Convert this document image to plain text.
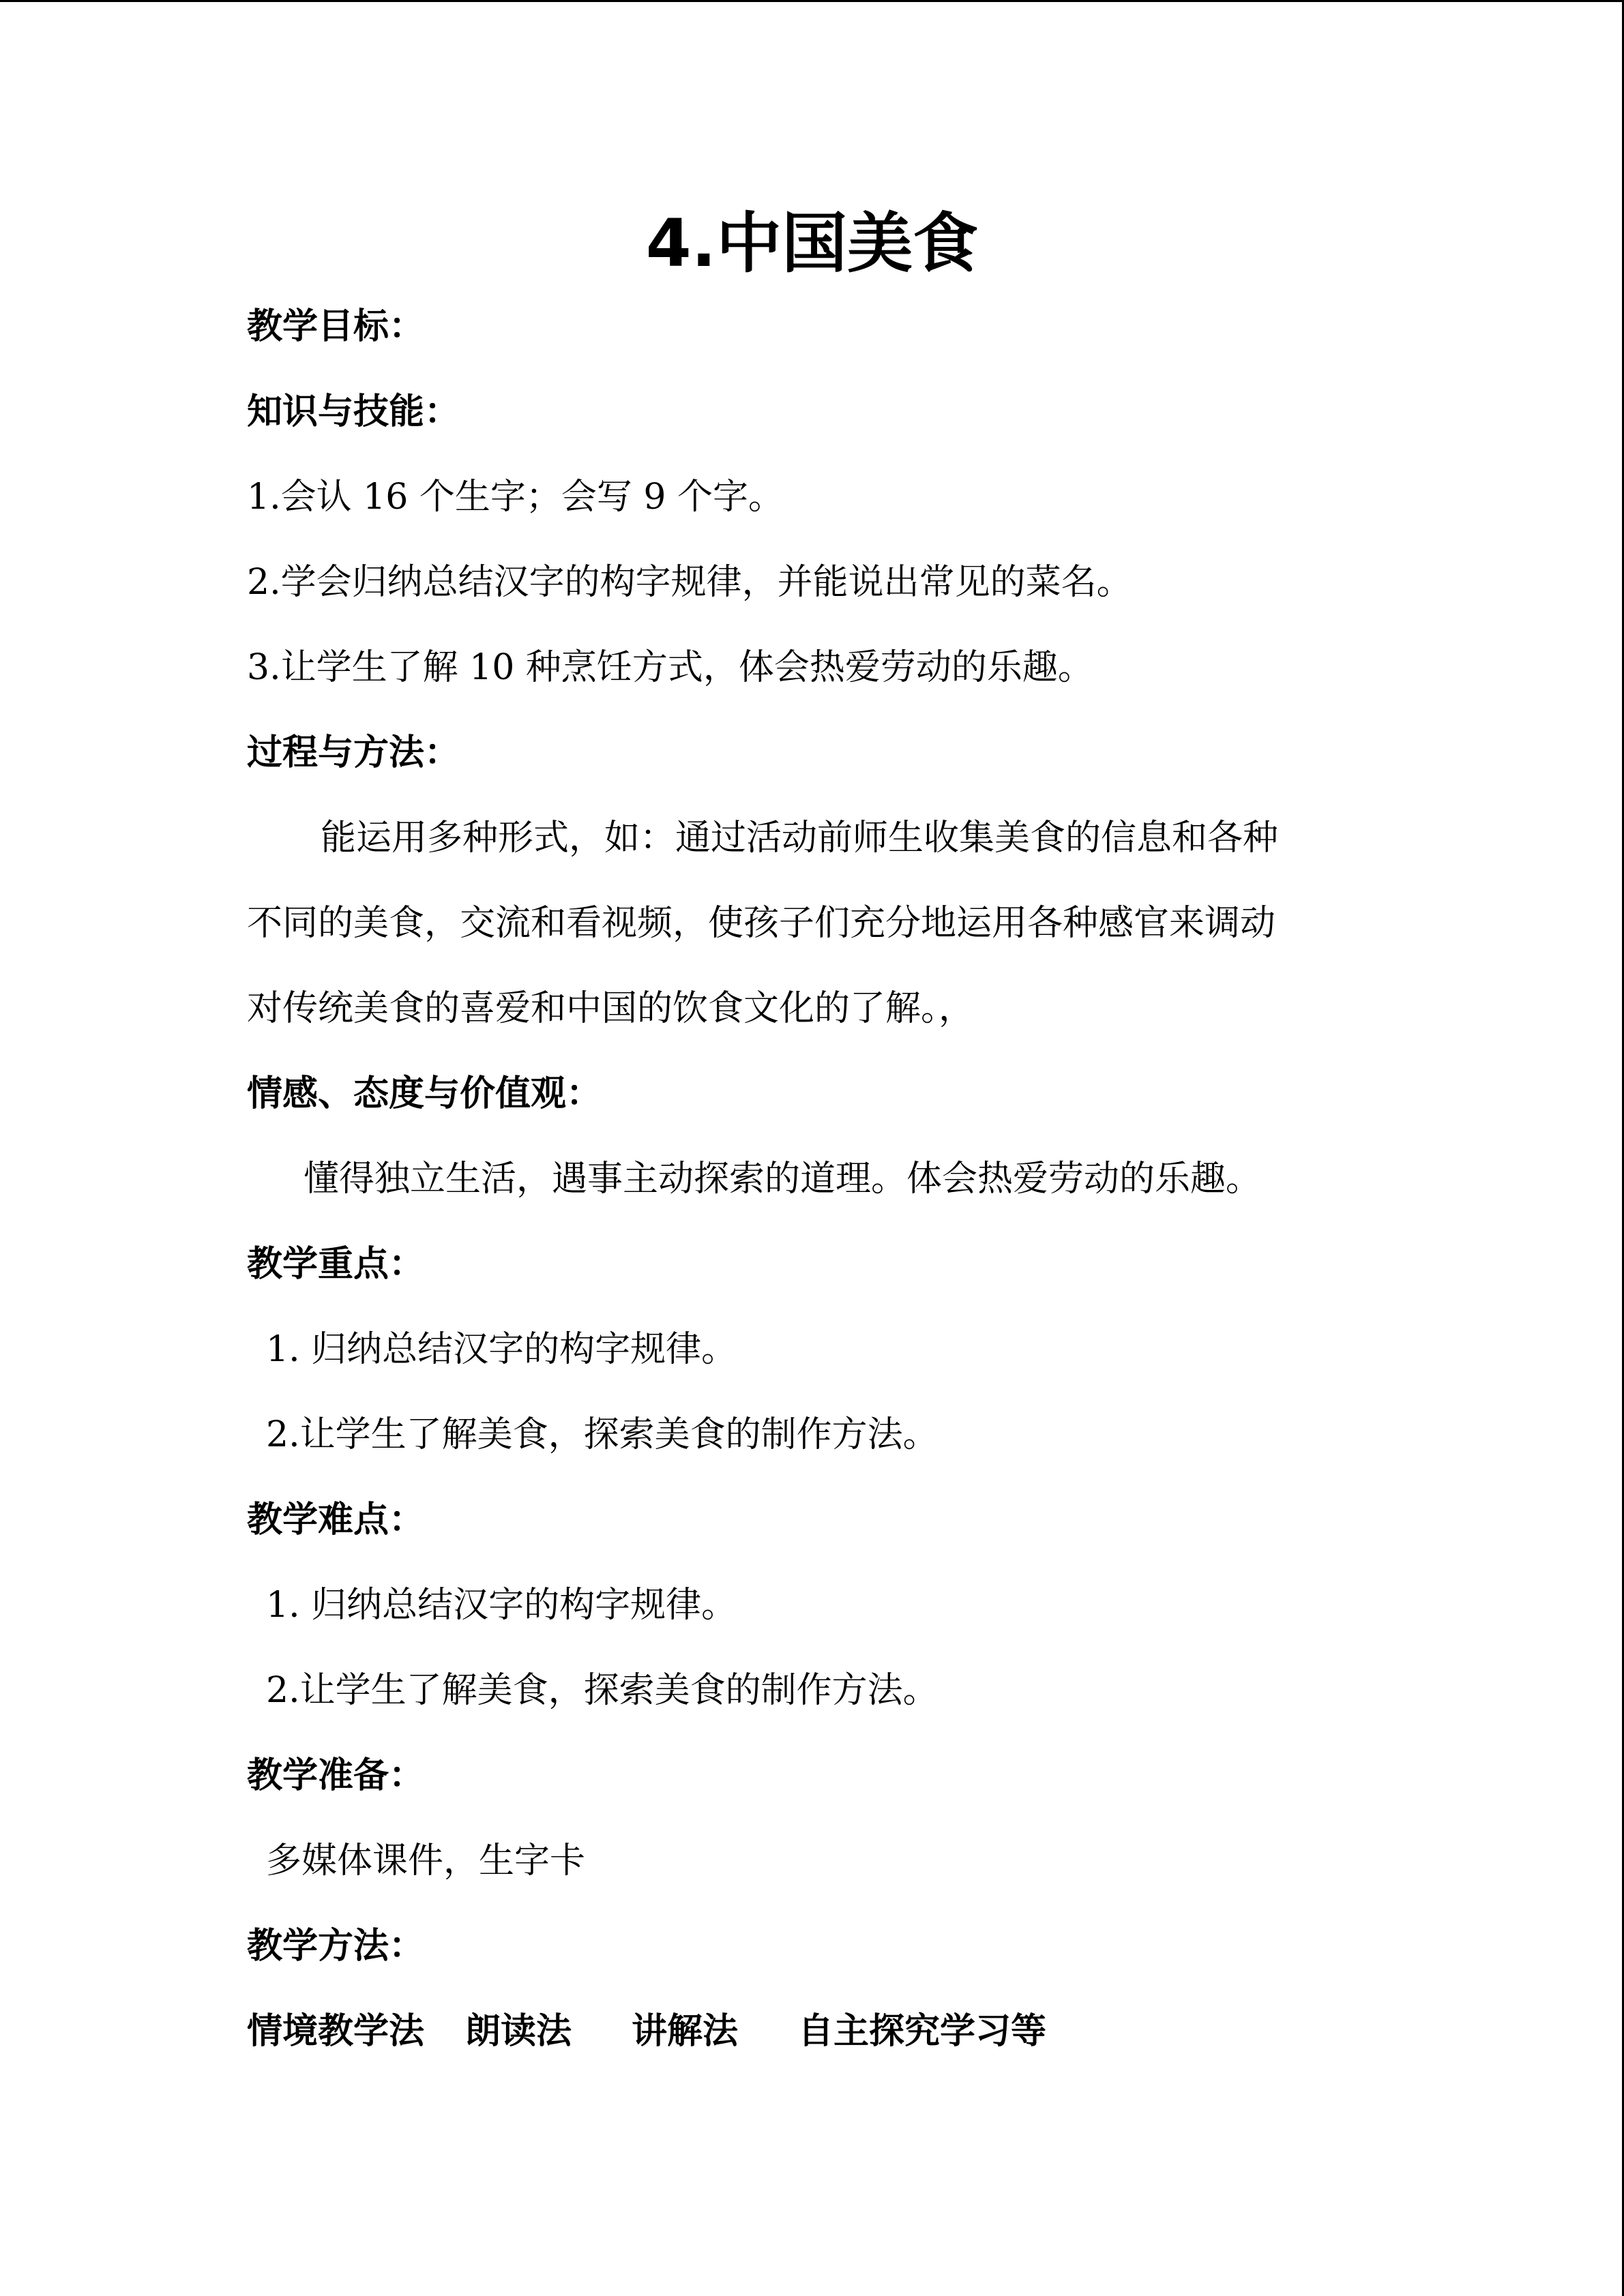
4.中国美食
教学目标：
知识与技能：
1.会认 16 个生字；会写 9 个字。
2.学会归纳总结汉字的构字规律，并能说出常见的菜名。
3.让学生了解 10 种烹饪方式，体会热爱劳动的乐趣。
过程与方法：
能运用多种形式，如：通过活动前师生收集美食的信息和各种
不同的美食，交流和看视频，使孩子们充分地运用各种感官来调动
对传统美食的喜爱和中国的饮食文化的了解。，
情感、态度与价值观：
懂得独立生活，遇事主动探索的道理。体会热爱劳动的乐趣。
教学重点：
1. 归纳总结汉字的构字规律。
2.让学生了解美食，探索美食的制作方法。
教学难点：
1. 归纳总结汉字的构字规律。
2.让学生了解美食，探索美食的制作方法。
教学准备：
多媒体课件，生字卡
教学方法：
情境教学法 朗读法 讲解法 自主探究学习等
